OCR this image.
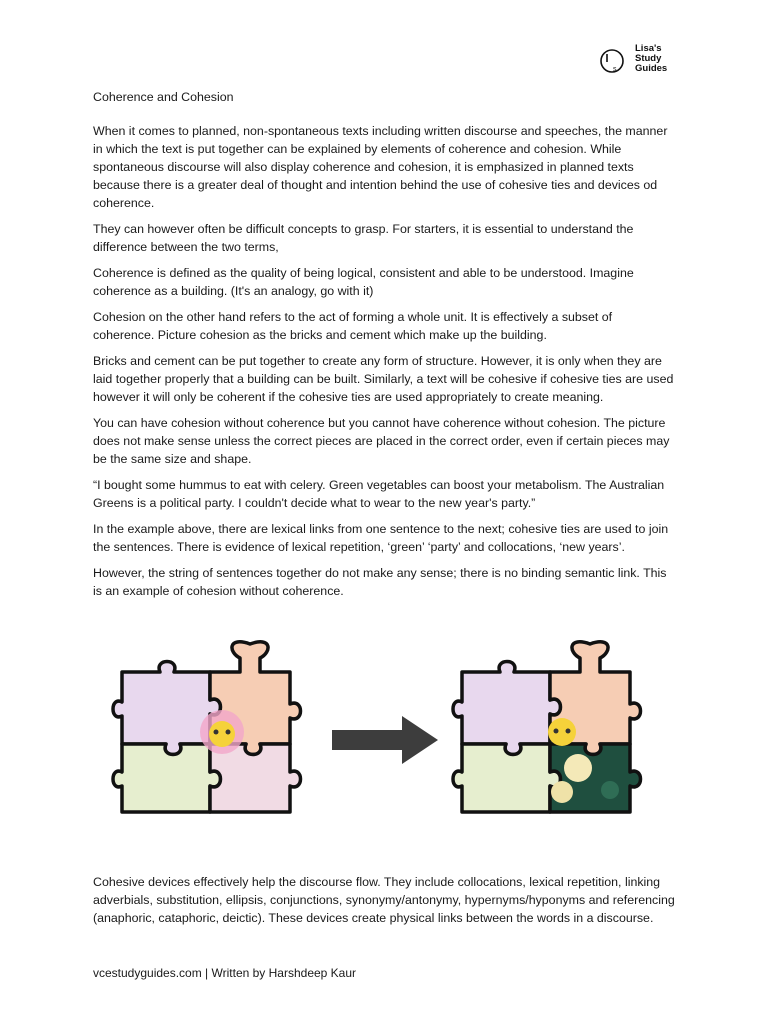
s
Lisa's
Study
Guides
Coherence and Cohesion

When it comes to planned, non-spontaneous texts including written discourse and speeches, the manner in which the text is put together can be explained by elements of coherence and cohesion. While spontaneous discourse will also display coherence and cohesion, it is emphasized in planned texts because there is a greater deal of thought and intention behind the use of cohesive ties and devices od coherence.

They can however often be difficult concepts to grasp. For starters, it is essential to understand the difference between the two terms,

Coherence is defined as the quality of being logical, consistent and able to be understood. Imagine coherence as a building. (It's an analogy, go with it)

Cohesion on the other hand refers to the act of forming a whole unit. It is effectively a subset of coherence. Picture cohesion as the bricks and cement which make up the building.

Bricks and cement can be put together to create any form of structure. However, it is only when they are laid together properly that a building can be built. Similarly, a text will be cohesive if cohesive ties are used however it will only be coherent if the cohesive ties are used appropriately to create meaning.

You can have cohesion without coherence but you cannot have coherence without cohesion. The picture does not make sense unless the correct pieces are placed in the correct order, even if certain pieces may be the same size and shape.

“I bought some hummus to eat with celery. Green vegetables can boost your metabolism. The Australian Greens is a political party. I couldn't decide what to wear to the new year's party.”

In the example above, there are lexical links from one sentence to the next; cohesive ties are used to join the sentences. There is evidence of lexical repetition, ‘green’ ‘party’ and collocations, ‘new years’.

However, the string of sentences together do not make any sense; there is no binding semantic link. This is an example of cohesion without coherence.

Cohesive devices effectively help the discourse flow. They include collocations, lexical repetition, linking adverbials, substitution, ellipsis, conjunctions, synonymy/antonymy, hypernyms/hyponyms and referencing (anaphoric, cataphoric, deictic). These devices create physical links between the words in a discourse.

vcestudyguides.com | Written by Harshdeep Kaur
